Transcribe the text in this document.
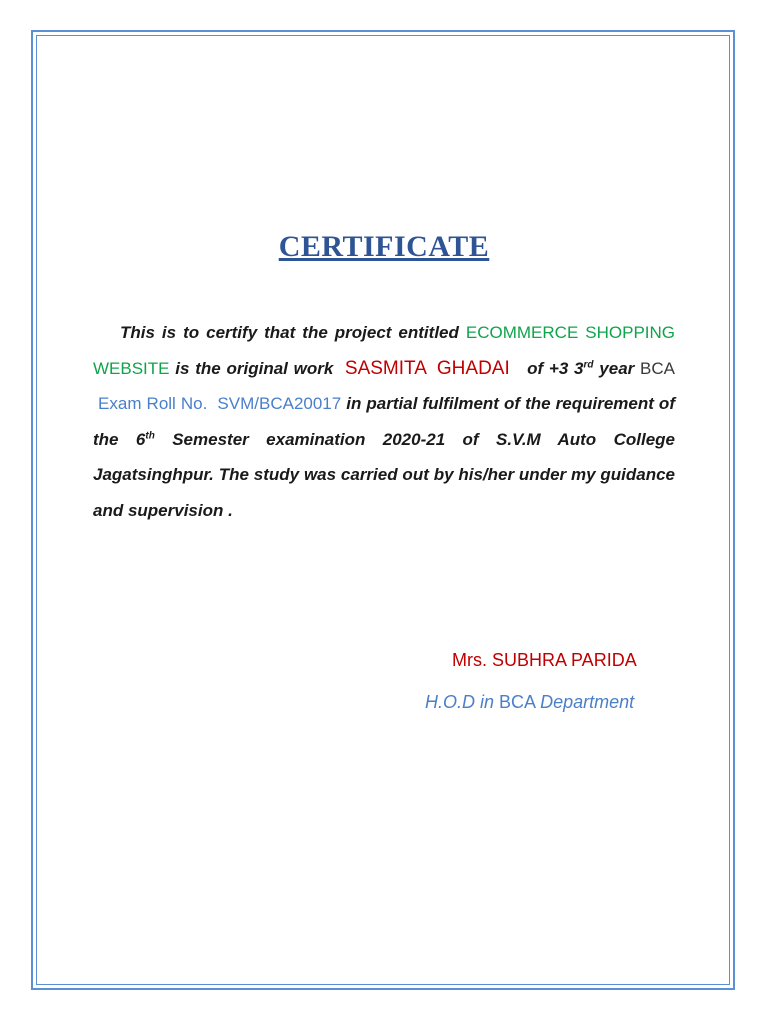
CERTIFICATE
This is to certify that the project entitled ECOMMERCE SHOPPING WEBSITE is the original work SASMITA GHADAI of +3 3rd year BCA  Exam Roll No. SVM/BCA20017 in partial fulfilment of the requirement of the 6th Semester examination 2020-21 of S.V.M Auto College Jagatsinghpur. The study was carried out by his/her under my guidance and supervision .
Mrs. SUBHRA PARIDA
H.O.D in BCA Department
